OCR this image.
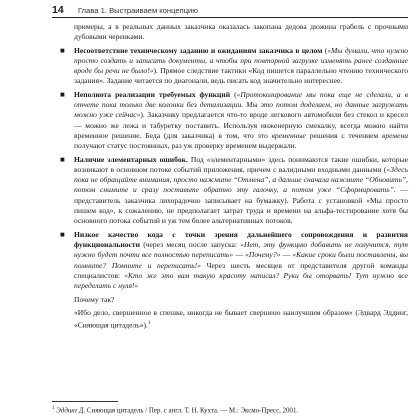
14	Глава 1. Выстраиваем концепцию

примеры, а в реальных данных заказчика оказалась закопана дедова дюжина грабель с прочными дубовыми черенками.

■ Несоответствие техническому заданию и ожиданиям заказчика в целом («Мы думали, что нужно просто создать и записать документы, а чтобы при повторной загрузке изменять ранее созданные вроде бы речи не было!»). Прямое следствие тактики «Код пишется параллельно чтению технического задания». Задание читается по диагонали, ведь писать код значительно интереснее.
■ Неполнота реализации требуемых функций («Протоколирование мы пока еще не сделали, а в отчете пока только две колонки без детализации. Мы это потом доделаем, но данные загружать можно уже сейчас»). Заказчику предлагается что-то вроде легкового автомобиля без стекол и кресел — можно же лежа и табуретку поставить. Используя инженерную смекалку, всегда можно найти временное решение. Беда (для заказчика) в том, что это временные решения с течением времени получают статус постоянных, раз уж проверку временем выдержали.
■ Наличие элементарных ошибок. Под «элементарными» здесь понимаются такие ошибки, которые возникают в основном потоке событий приложения, причем с валидными входными данными («Здесь пока не обращайте внимания, просто нажмите “Отмена”, а дальше сначала нажмите “Обновить”, потом снимите и сразу поставьте обратно эту галочку, а потом уже “Сформировать”. — представитель заказчика лихорадочно записывает на бумажку). Работа с установкой «Мы просто пишем код», к сожалению, не предполагает затрат труда и времени на альфа-тестирование хотя бы основного потока событий и уж тем более альтернативных потоков.
■ Низкое качество кода с точки зрения дальнейшего сопровождения и развития функциональности (через месяц после запуска: «Нет, эту функцию добавить не получится, тут нужно будет почти все полностью переписать» — «Почему?» — «Какие сроки были поставлены, вы помните? Помните и переписать!» Через шесть месяцев от представителя другой команды специалистов: «Кто же это вам такую красоту написал? Руки бы оторвать! Тут нужно все переделать с нуля!»

Почему так?

«Ибо дело, свершенное в спешке, никогда не бывает свершено наилучшим образом» (Эдвард Эддинг, «Сияющая цитадель»).$^1$

$^1$ Эддинг Д. Сияющая цитадель / Пер. с англ. Т. Н. Кухта. — М.: Эксмо-Пресс, 2001.
